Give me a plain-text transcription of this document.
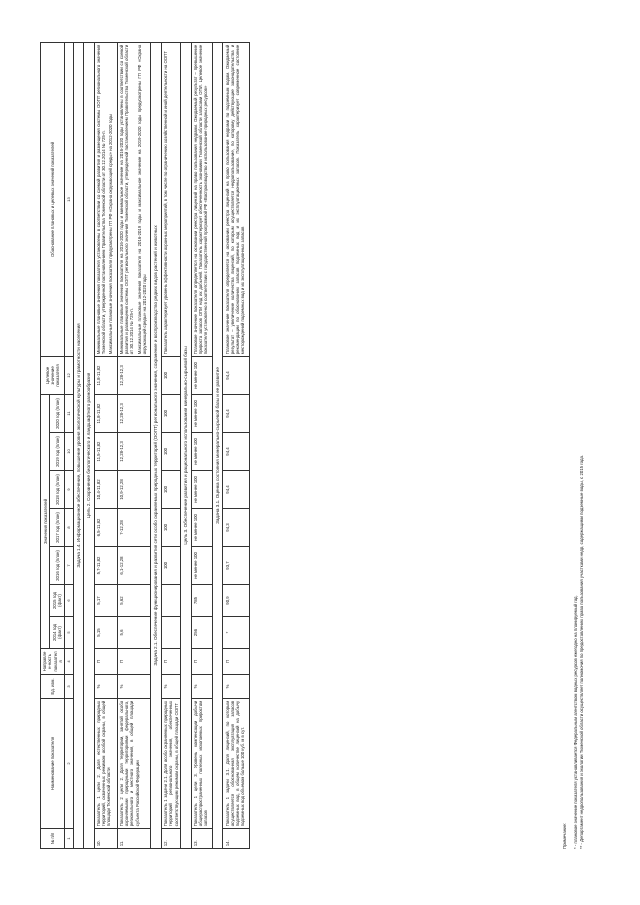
№ п/п	Наименование показателя	Ед. изм.	Направлен-ность показателя	Значения показателей							Целевое значение показателя	Обоснование плановых и целевых значений показателей
				2014 год (факт)	2015 год (факт)	2016 год (план)	2017 год (план)	2018 год (план)	2019 год (план)	2020 год (план)		
1	2	3	4	5	6	7	8	9	10	11	12	13
Задача 1.4. Информационное обеспечение, повышение уровня экологической культуры и грамотности населения												
Цель 2. Сохранение биологического и ландшафтного разнообразия												
10.	Показатель 1 цели 2. Доля естественных природных территорий, охваченных режимом особой охраны, в общей площади Тюменской области	%	П	5,15	5,17	5,7-11,82	6,5-11,82	10,4-11,82	11,5-11,82	11,8-11,82	11,8-11,82	Минимальные плановые значения показателя установлены в соответствии со схемой развития и размещения системы ООПТ регионального значения Тюменской области, утвержденной постановлением Правительства Тюменской области от 30.12.2014 № 725-п. Максимальные плановые значения показателя предусмотрены ГП РФ «Охрана окружающей среды» на 2012-2020 годы

11.	Показатель 2 цели 2. Доля территории, занятой особо охраняемыми природными территориями федерального, регионального и местного значения, в общей площади субъекта Российской Федерации	%	П	5,6	5,62	6,1-12,28	7-12,28	10,9-12,28	12,28-12,3	12,28-12,3	12,28-12,3	Минимальные плановые значения показателя на 2016-2020 годы и минимальное значение на 2016-2020 годы установлены в соответствии со схемой развития и размещения системы ООПТ регионального значения Тюменской области, утвержденной постановлением Правительства Тюменской области от 30.12.2014 № 725-п. Максимальные плановые значения показателя на 2016-2019 годы и максимальное значение на 2019-2020 годы предусмотрены ГП РФ «Охрана окружающей среды» на 2012-2020 годы

Задача 2.1. Обеспечение функционирования и развития сети особо охраняемых природных территорий (ООПТ) регионального значения, сохранение и воспроизводство редких видов растений и животных												
12.	Показатель 1 задачи 2.1. Доля особо охраняемых природных территорий регионального значения, обеспеченных соответствующим режимом охраны, в общей площади ООПТ	%	П			100	100	100	100	100	100	Показатель характеризует уровень эффективности охранных мероприятий, в том числе по ограничению хозяйственной и иной деятельности на ООПТ

Цель 3. Обеспечение развития и рационального использования минерально-сырьевой базы												
13.	Показатель 1 цели 3. Уровень компенсации добычи общераспространенных полезных ископаемых приростом запасов	%	П	256	785	не менее 100	не менее 100	не менее 100	не менее 100	не менее 100	не менее 100	Плановое значение показателя определяется на основании реестра лицензий на право пользования недрами. Ожидаемый результат – превышение прироста запасов ОПИ над их добычей. Показатель характеризует обеспеченность экономики Тюменской области запасами ОПИ. Целевое значение показателя установлено в соответствии с государственной программой РФ «Воспроизводство и использование природных ресурсов»

Задача 3.1. Оценка состояния минерально-сырьевой базы и ее развитие												
14.	Показатель 1 задачи 3.1. Доля лицензий, по которым осуществляется обоснованная эксплуатация запасов подземных вод, в общем количестве лицензий на добычу подземных вод объемом больше 100 куб. м в сут.	%	П	*	90,9	93,7	94,3	94,4	94,4	94,4	94,4	Плановое значение показателя определяется на основании реестра лицензий на право пользования недрами по подземным водам. Ожидаемый результат – увеличение количества лицензий, по которым осуществляется недропользование, по которому действующие законодательства и рекомендации по обоснованию запасов подземных вод и их эксплуатационных запасов. Показатель характеризует современное состояние месторождений подземных вод и их эксплуатационных запасов

Примечание: * - плановое значение показателя устанавливается Федеральным агентством водных ресурсов ежегодно на планируемый год. ** - Департамент недропользования и экологии Тюменской области осуществляет полномочия по предоставлению права пользования участками недр, содержащими подземные воды, с 2015 года.
